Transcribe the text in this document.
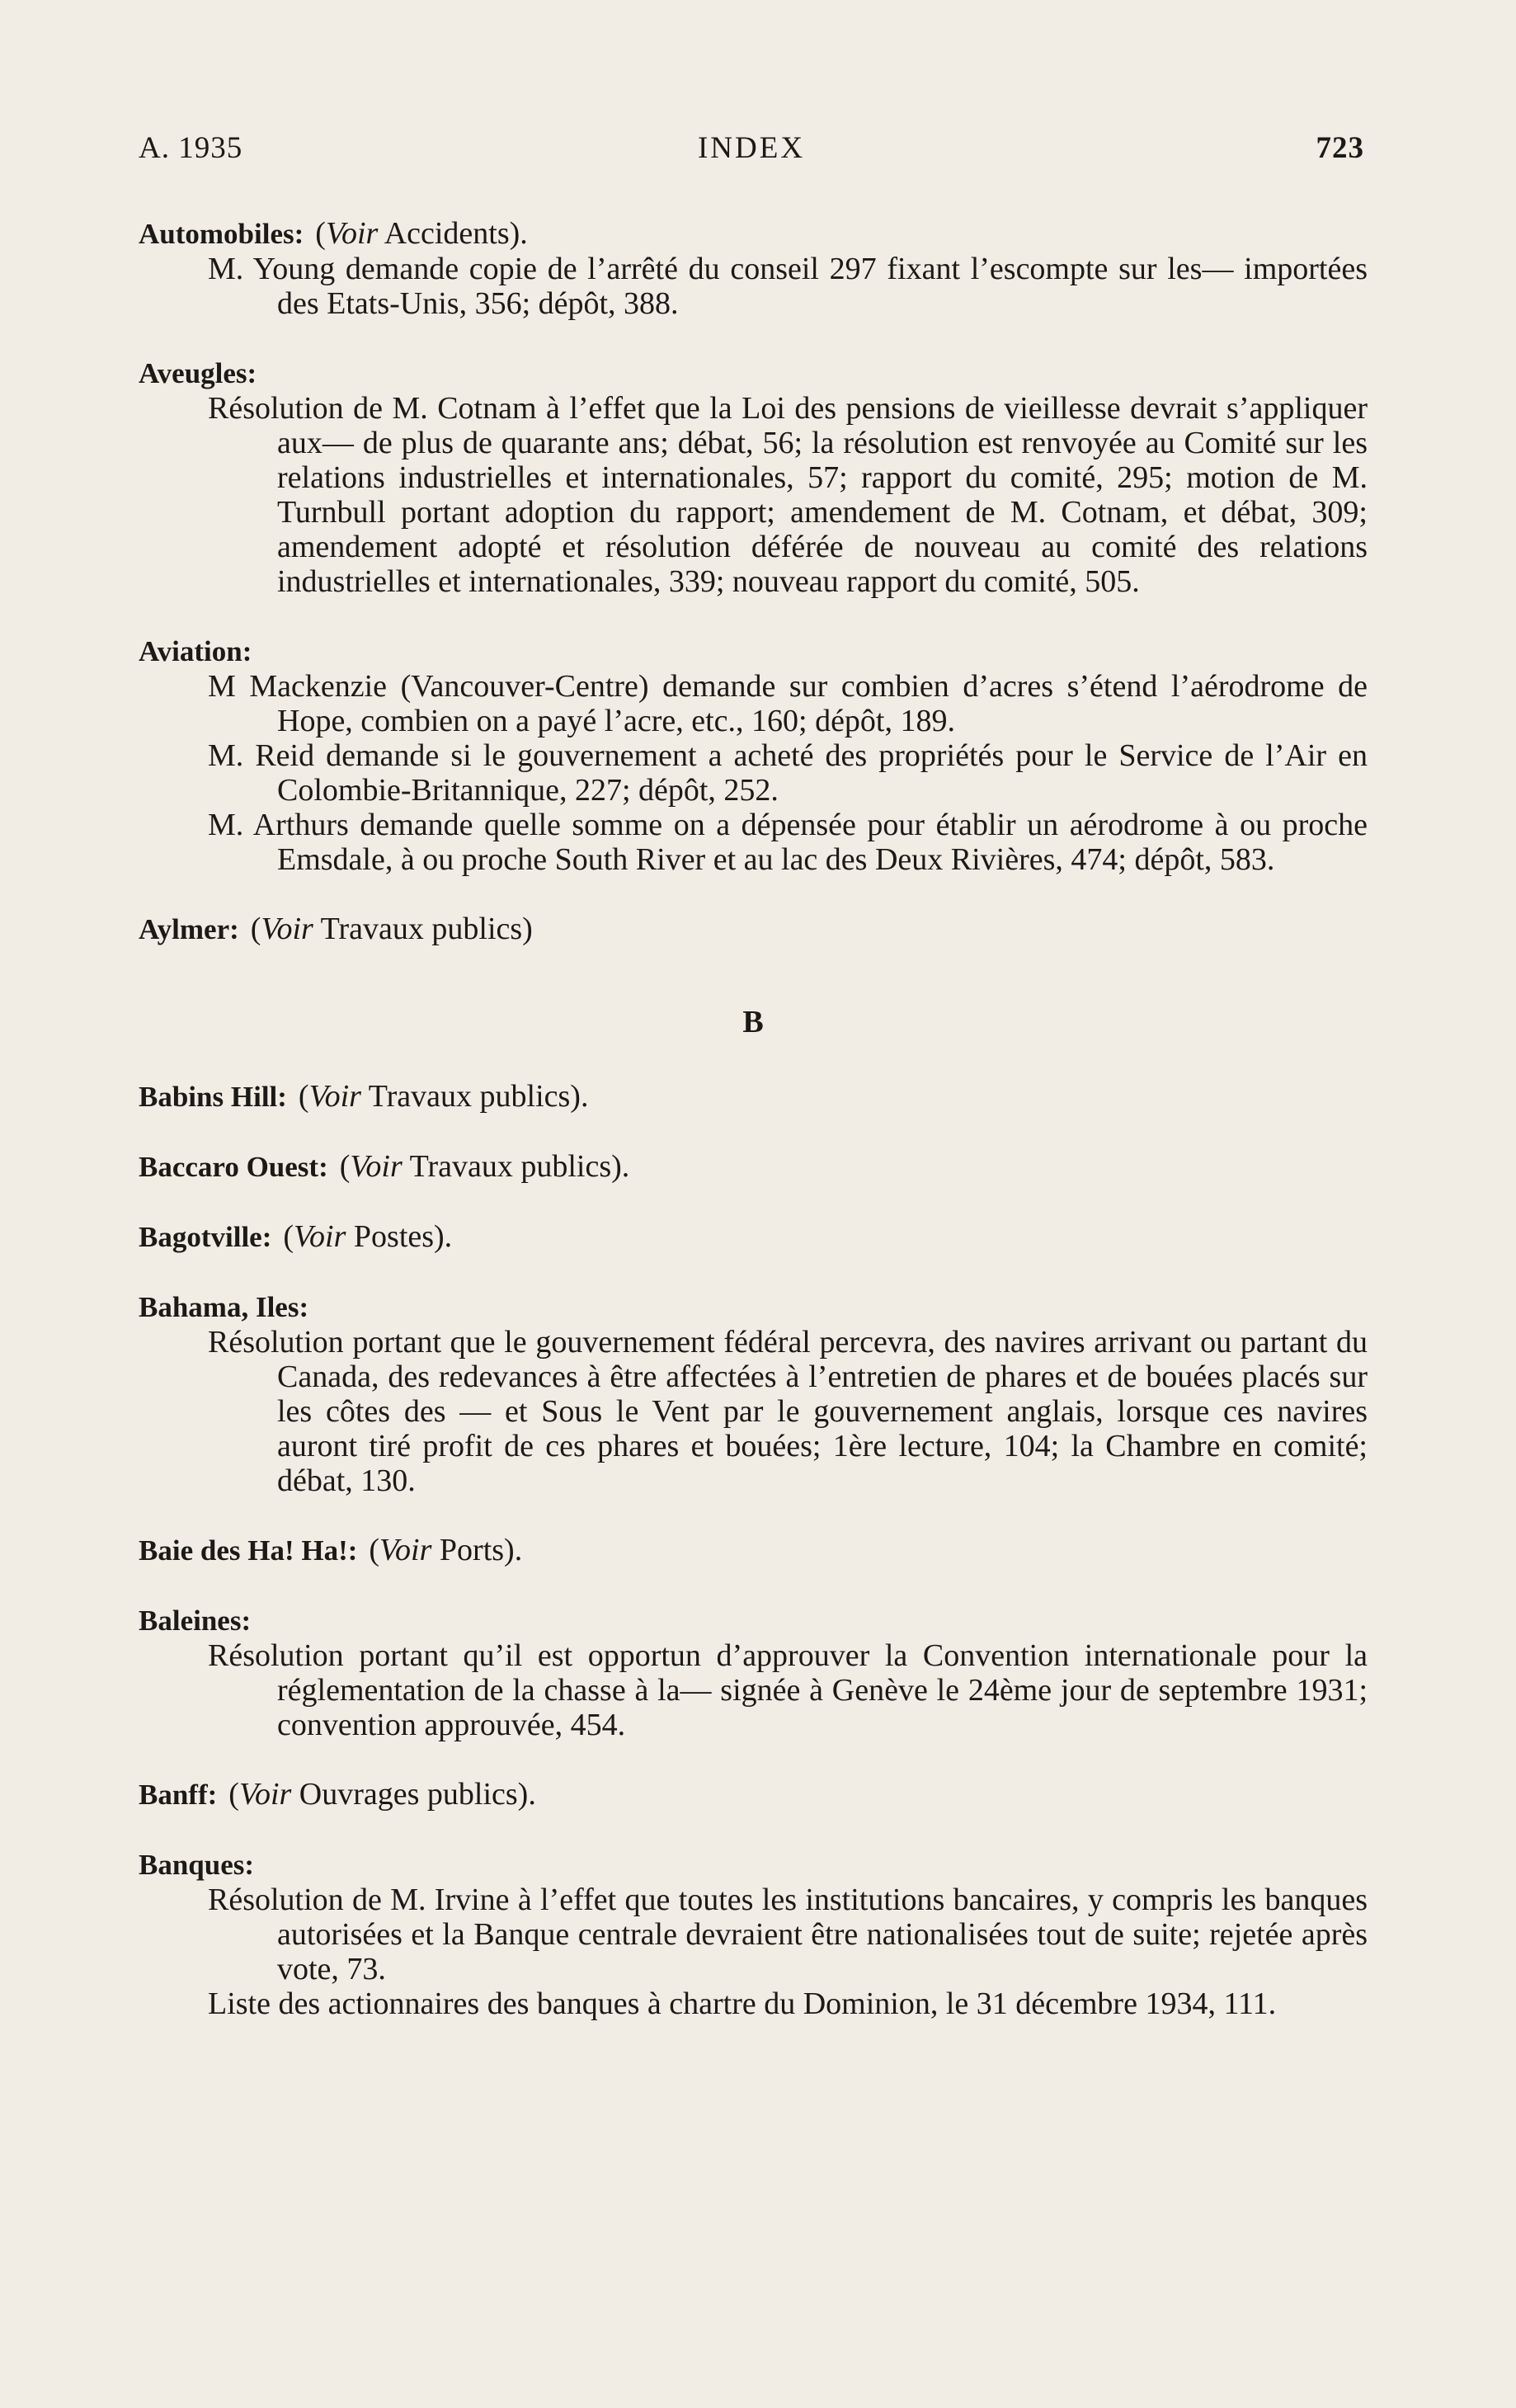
A. 1935	INDEX	723

Automobiles: (Voir Accidents).

M. Young demande copie de l’arrêté du conseil 297 fixant l’escompte sur les— importées des Etats-Unis, 356; dépôt, 388.

Aveugles:

Résolution de M. Cotnam à l’effet que la Loi des pensions de vieillesse devrait s’appliquer aux— de plus de quarante ans; débat, 56; la résolution est renvoyée au Comité sur les relations industrielles et internationales, 57; rapport du comité, 295; motion de M. Turnbull portant adoption du rapport; amendement de M. Cotnam, et débat, 309; amendement adopté et résolution déférée de nouveau au comité des relations industrielles et internationales, 339; nouveau rapport du comité, 505.

Aviation:

M Mackenzie (Vancouver-Centre) demande sur combien d’acres s’étend l’aérodrome de Hope, combien on a payé l’acre, etc., 160; dépôt, 189.

M. Reid demande si le gouvernement a acheté des propriétés pour le Service de l’Air en Colombie-Britannique, 227; dépôt, 252.

M. Arthurs demande quelle somme on a dépensée pour établir un aérodrome à ou proche Emsdale, à ou proche South River et au lac des Deux Rivières, 474; dépôt, 583.

Aylmer: (Voir Travaux publics)

B

Babins Hill: (Voir Travaux publics).

Baccaro Ouest: (Voir Travaux publics).

Bagotville: (Voir Postes).

Bahama, Iles:

Résolution portant que le gouvernement fédéral percevra, des navires arrivant ou partant du Canada, des redevances à être affectées à l’entretien de phares et de bouées placés sur les côtes des — et Sous le Vent par le gouvernement anglais, lorsque ces navires auront tiré profit de ces phares et bouées; 1ère lecture, 104; la Chambre en comité; débat, 130.

Baie des Ha! Ha!: (Voir Ports).

Baleines:

Résolution portant qu’il est opportun d’approuver la Convention internationale pour la réglementation de la chasse à la— signée à Genève le 24ème jour de septembre 1931; convention approuvée, 454.

Banff: (Voir Ouvrages publics).

Banques:

Résolution de M. Irvine à l’effet que toutes les institutions bancaires, y compris les banques autorisées et la Banque centrale devraient être nationalisées tout de suite; rejetée après vote, 73.

Liste des actionnaires des banques à chartre du Dominion, le 31 décembre 1934, 111.
